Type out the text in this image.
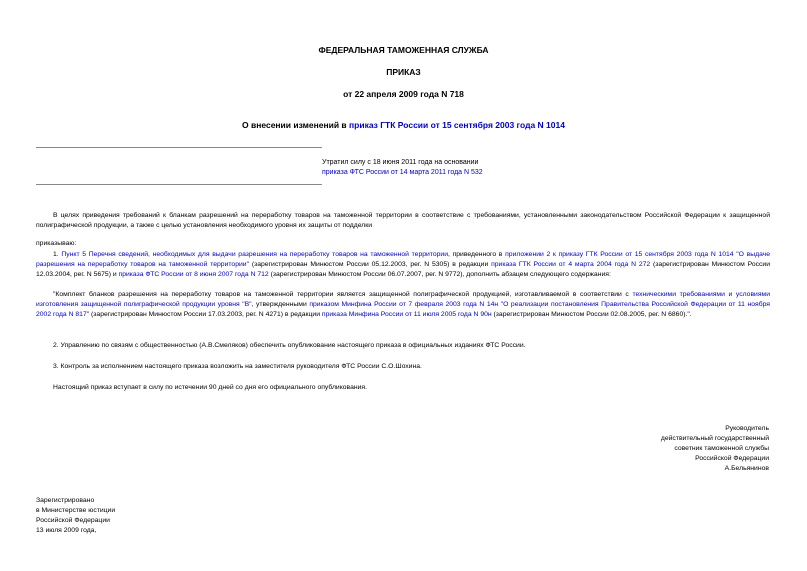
ФЕДЕРАЛЬНАЯ ТАМОЖЕННАЯ СЛУЖБА
ПРИКАЗ
от 22 апреля 2009 года N 718
О внесении изменений в приказ ГТК России от 15 сентября 2003 года N 1014
Утратил силу с 18 июня 2011 года на основании
приказа ФТС России от 14 марта 2011 года N 532
В целях приведения требований к бланкам разрешений на переработку товаров на таможенной территории в соответствие с требованиями, установленными законодательством Российской Федерации к защищенной полиграфической продукции, а также с целью установления необходимого уровня их защиты от подделки
приказываю:
1. Пункт 5 Перечня сведений, необходимых для выдачи разрешения на переработку товаров на таможенной территории, приведенного в приложении 2 к приказу ГТК России от 15 сентября 2003 года N 1014 "О выдаче разрешения на переработку товаров на таможенной территории" (зарегистрирован Минюстом России 05.12.2003, рег. N 5305) в редакции приказа ГТК России от 4 марта 2004 года N 272 (зарегистрирован Минюстом России 12.03.2004, рег. N 5675) и приказа ФТС России от 8 июня 2007 года N 712 (зарегистрирован Минюстом России 06.07.2007, рег. N 9772), дополнить абзацем следующего содержания:
"Комплект бланков разрешения на переработку товаров на таможенной территории является защищенной полиграфической продукцией, изготавливаемой в соответствии с техническими требованиями и условиями изготовления защищенной полиграфической продукции уровня "В", утвержденными приказом Минфина России от 7 февраля 2003 года N 14н "О реализации постановления Правительства Российской Федерации от 11 ноября 2002 года N 817" (зарегистрирован Минюстом России 17.03.2003, рег. N 4271) в редакции приказа Минфина России от 11 июля 2005 года N 90н (зарегистрирован Минюстом России 02.08.2005, рег. N 6860).".
2. Управлению по связям с общественностью (А.В.Смеляков) обеспечить опубликование настоящего приказа в официальных изданиях ФТС России.
3. Контроль за исполнением настоящего приказа возложить на заместителя руководителя ФТС России С.О.Шохина.
Настоящий приказ вступает в силу по истечении 90 дней со дня его официального опубликования.
Руководитель
действительный государственный
советник таможенной службы
Российской Федерации
А.Бельянинов
Зарегистрировано
в Министерстве юстиции
Российской Федерации
13 июля 2009 года,
